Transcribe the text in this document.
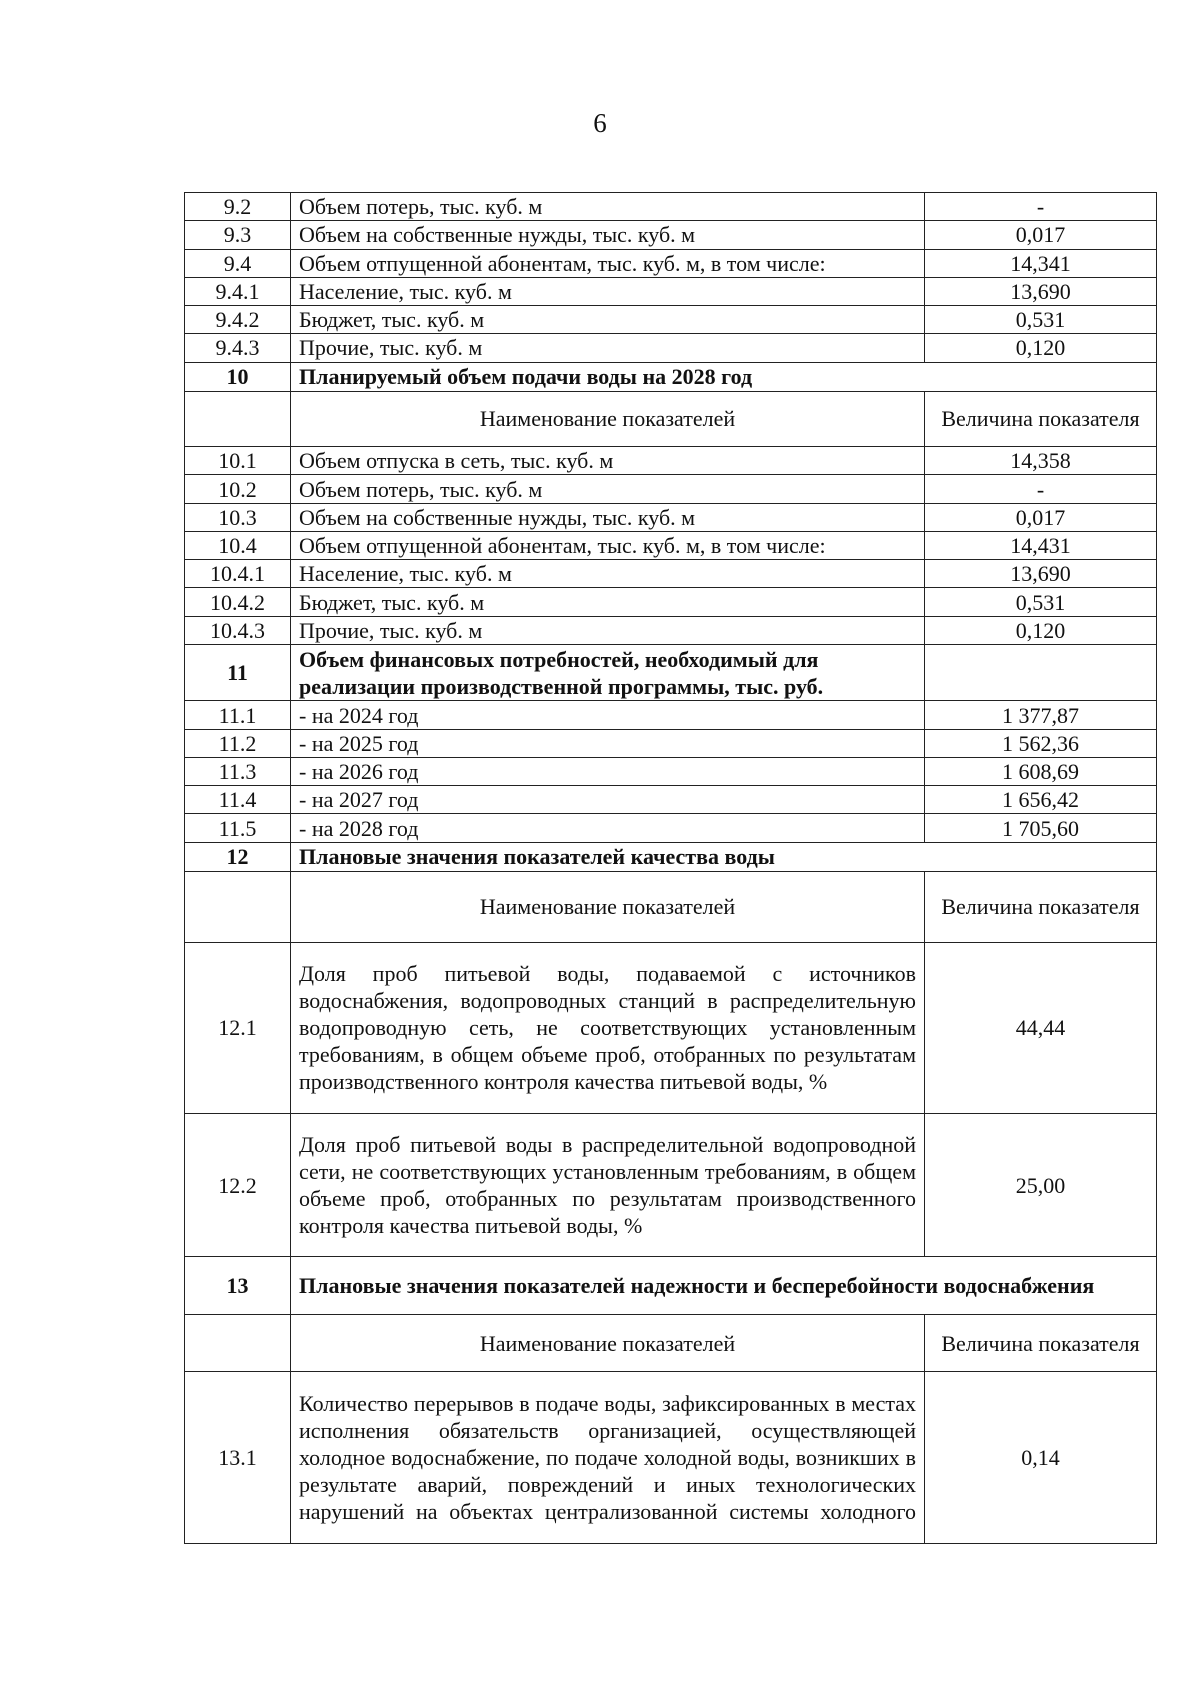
6
9.2	Объем потерь, тыс. куб. м	-
9.3	Объем на собственные нужды, тыс. куб. м	0,017
9.4	Объем отпущенной абонентам, тыс. куб. м, в том числе:	14,341
9.4.1	Население, тыс. куб. м	13,690
9.4.2	Бюджет, тыс. куб. м	0,531
9.4.3	Прочие, тыс. куб. м	0,120
10	Планируемый объем подачи воды на 2028 год	
	Наименование показателей	Величина показателя
10.1	Объем отпуска в сеть, тыс. куб. м	14,358
10.2	Объем потерь, тыс. куб. м	-
10.3	Объем на собственные нужды, тыс. куб. м	0,017
10.4	Объем отпущенной абонентам, тыс. куб. м, в том числе:	14,431
10.4.1	Население, тыс. куб. м	13,690
10.4.2	Бюджет, тыс. куб. м	0,531
10.4.3	Прочие, тыс. куб. м	0,120
11	Объем финансовых потребностей, необходимый для реализации производственной программы, тыс. руб.	
11.1	- на 2024 год	1 377,87
11.2	- на 2025 год	1 562,36
11.3	- на 2026 год	1 608,69
11.4	- на 2027 год	1 656,42
11.5	- на 2028 год	1 705,60
12	Плановые значения показателей качества воды	
	Наименование показателей	Величина показателя
12.1	Доля проб питьевой воды, подаваемой с источников водоснабжения, водопроводных станций в распределительную водопроводную сеть, не соответствующих установленным требованиям, в общем объеме проб, отобранных по результатам производственного контроля качества питьевой воды, %	44,44
12.2	Доля проб питьевой воды в распределительной водопроводной сети, не соответствующих установленным требованиям, в общем объеме проб, отобранных по результатам производственного контроля качества питьевой воды, %	25,00
13	Плановые значения показателей надежности и бесперебойности водоснабжения	
	Наименование показателей	Величина показателя
13.1	Количество перерывов в подаче воды, зафиксированных в местах исполнения обязательств организацией, осуществляющей холодное водоснабжение, по подаче холодной воды, возникших в результате аварий, повреждений и иных технологических нарушений на объектах централизованной системы холодного	0,14
